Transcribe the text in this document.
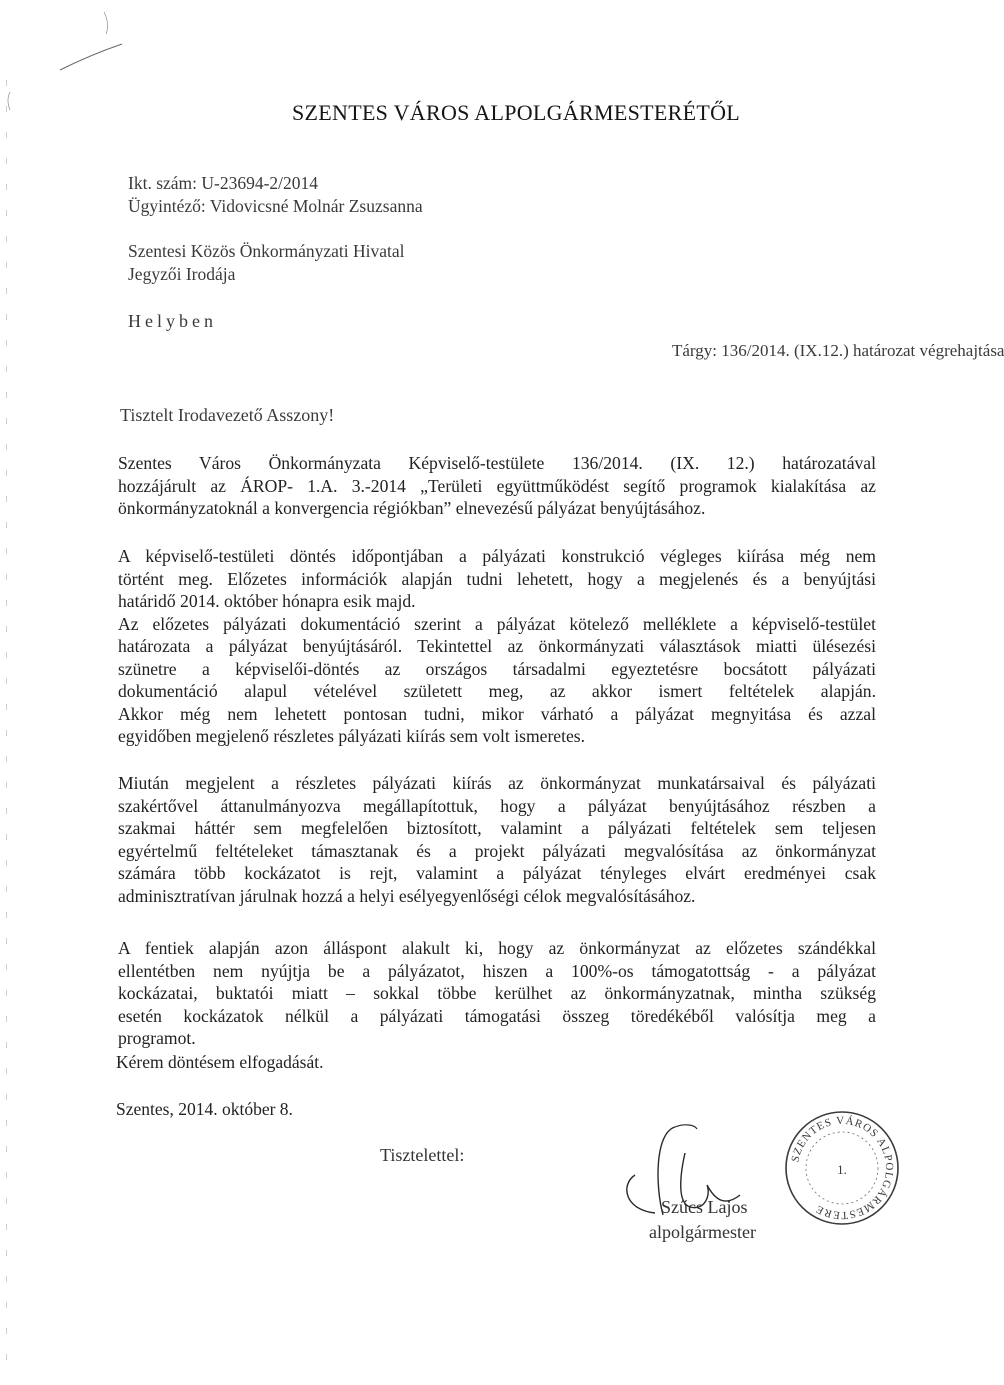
SZENTES VÁROS ALPOLGÁRMESTERÉTŐL
Ikt. szám: U-23694-2/2014
Ügyintéző: Vidovicsné Molnár Zsuzsanna
Szentesi Közös Önkormányzati Hivatal
Jegyzői Irodája
Helyben
Tárgy: 136/2014. (IX.12.) határozat végrehajtása
Tisztelt Irodavezető Asszony!
Szentes Város Önkormányzata Képviselő-testülete 136/2014. (IX. 12.) határozatával
hozzájárult az ÁROP- 1.A. 3.-2014 „Területi együttműködést segítő programok kialakítása az
önkormányzatoknál a konvergencia régiókban” elnevezésű pályázat benyújtásához.
A képviselő-testületi döntés időpontjában a pályázati konstrukció végleges kiírása még nem
történt meg. Előzetes információk alapján tudni lehetett, hogy a megjelenés és a benyújtási
határidő 2014. október hónapra esik majd.
Az előzetes pályázati dokumentáció szerint a pályázat kötelező melléklete a képviselő-testület
határozata a pályázat benyújtásáról. Tekintettel az önkormányzati választások miatti ülésezési
szünetre a képviselői-döntés az országos társadalmi egyeztetésre bocsátott pályázati
dokumentáció alapul vételével született meg, az akkor ismert feltételek alapján.
Akkor még nem lehetett pontosan tudni, mikor várható a pályázat megnyitása és azzal
egyidőben megjelenő részletes pályázati kiírás sem volt ismeretes.
Miután megjelent a részletes pályázati kiírás az önkormányzat munkatársaival és pályázati
szakértővel áttanulmányozva megállapítottuk, hogy a pályázat benyújtásához részben a
szakmai háttér sem megfelelően biztosított, valamint a pályázati feltételek sem teljesen
egyértelmű feltételeket támasztanak és a projekt pályázati megvalósítása az önkormányzat
számára több kockázatot is rejt, valamint a pályázat tényleges elvárt eredményei csak
adminisztratívan járulnak hozzá a helyi esélyegyenlőségi célok megvalósításához.
A fentiek alapján azon álláspont alakult ki, hogy az önkormányzat az előzetes szándékkal
ellentétben nem nyújtja be a pályázatot, hiszen a 100%-os támogatottság - a pályázat
kockázatai, buktatói miatt – sokkal többe kerülhet az önkormányzatnak, mintha szükség
esetén kockázatok nélkül a pályázati támogatási összeg töredékéből valósítja meg a
programot.
Kérem döntésem elfogadását.
Szentes, 2014. október 8.
Tisztelettel:	SZENTES VÁROS ALPOLGÁRMESTERE
1.
Szűcs Lajos
alpolgármester
